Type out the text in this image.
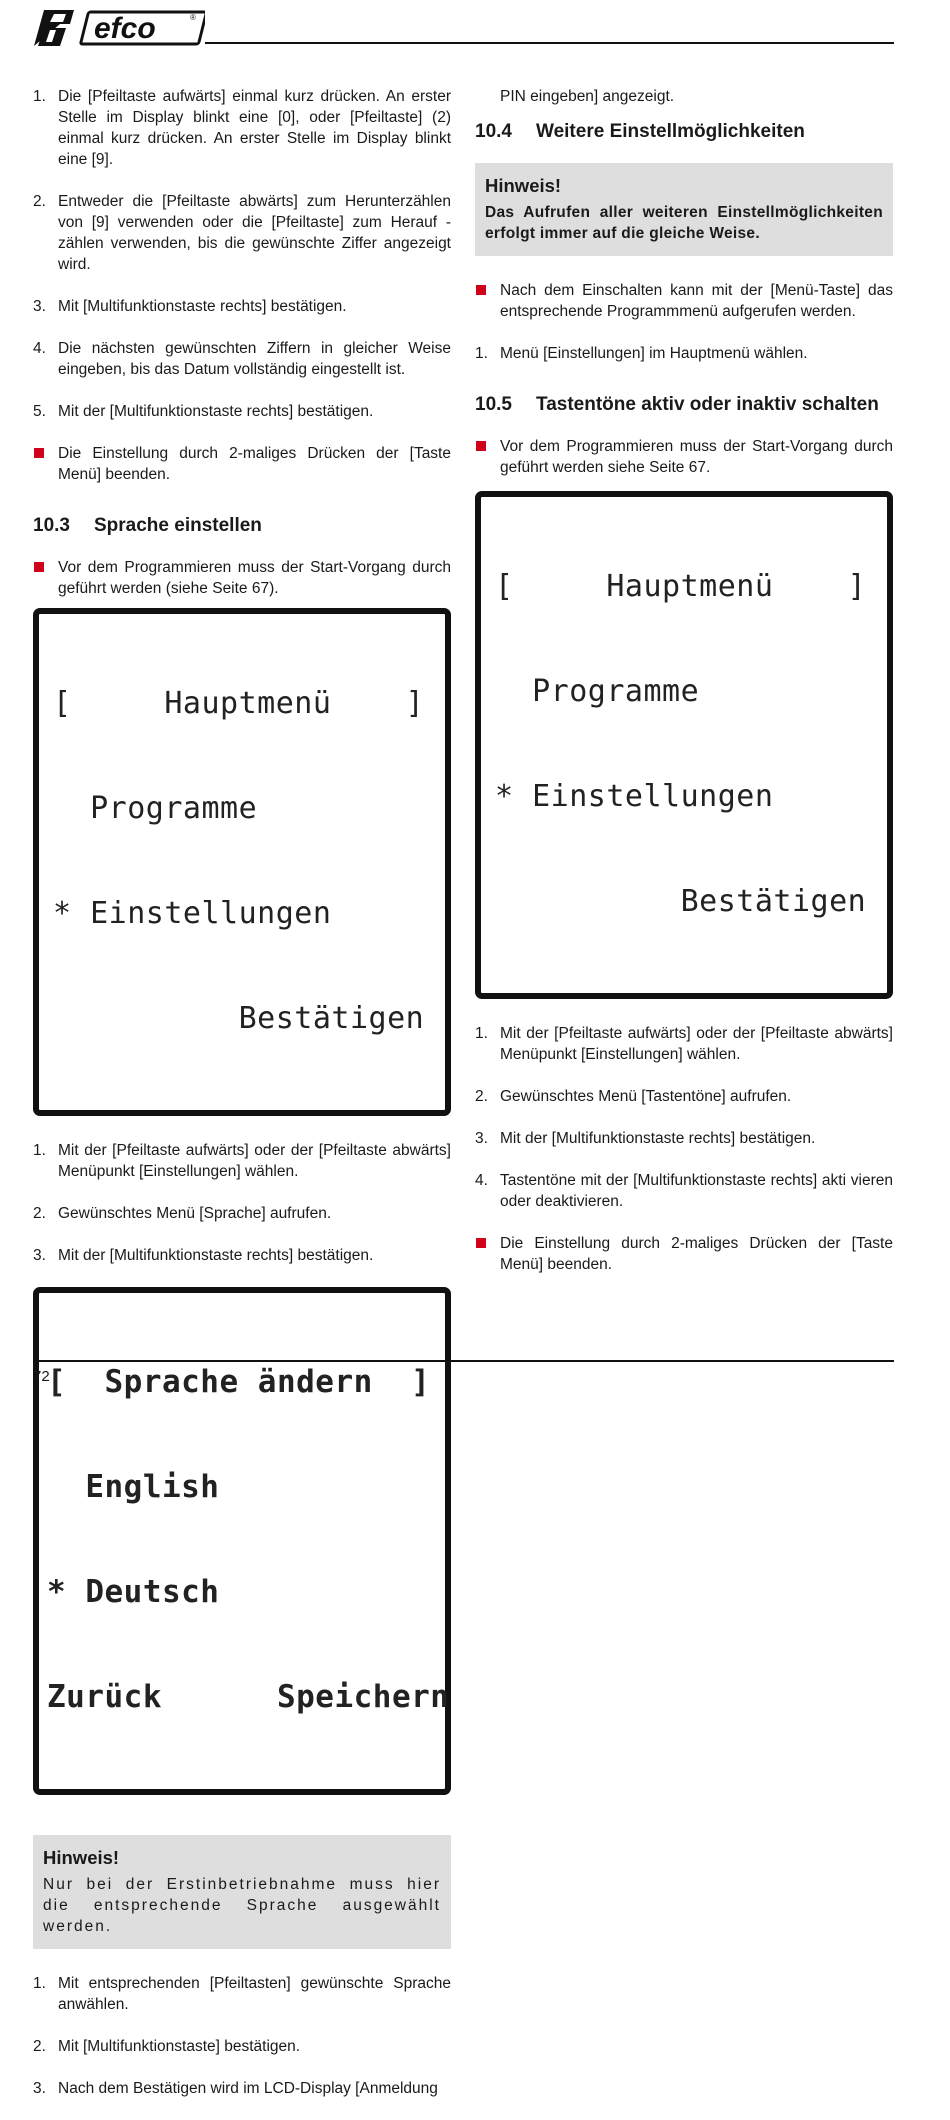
efco	®
1. Die [Pfeiltaste aufwärts] einmal kurz drücken. An erster Stelle im Display blinkt eine [0], oder [Pfeiltaste] (2) einmal kurz drücken. An erster Stelle im Display blinkt eine [9].
2. Entweder die [Pfeiltaste abwärts] zum Herunterzählen von [9] verwenden oder die [Pfeiltaste] zum Herauf - zählen verwenden, bis die gewünschte Ziffer angezeigt wird.
3. Mit [Multifunktionstaste rechts] bestätigen.
4. Die nächsten gewünschten Ziffern in gleicher Weise eingeben, bis das Datum vollständig eingestellt ist.
5. Mit der [Multifunktionstaste rechts] bestätigen.
Die Einstellung durch 2-maliges Drücken der [Taste Menü] beenden.
10.3 Sprache einstellen
Vor dem Programmieren muss der Start-Vorgang durch geführt werden (siehe Seite 67).

[     Hauptmenü    ]

Programme

* Einstellungen

Bestätigen

1. Mit der [Pfeiltaste aufwärts] oder der [Pfeiltaste abwärts] Menüpunkt [Einstellungen] wählen.
2. Gewünschtes Menü [Sprache] aufrufen.
3. Mit der [Multifunktionstaste rechts] bestätigen.

[  Sprache ändern  ]

English

* Deutsch

Zurück      Speichern

Hinweis!
Nur bei der Erstinbetriebnahme muss hier die entsprechende Sprache ausgewählt werden.
1. Mit entsprechenden [Pfeiltasten] gewünschte Sprache anwählen.
2. Mit [Multifunktionstaste] bestätigen.
3. Nach dem Bestätigen wird im LCD-Display [Anmeldung
PIN eingeben] angezeigt.
10.4 Weitere Einstellmöglichkeiten
Hinweis!
Das Aufrufen aller weiteren Einstellmöglichkeiten erfolgt immer auf die gleiche Weise.
Nach dem Einschalten kann mit der [Menü-Taste] das entsprechende Programmmenü aufgerufen werden.
1. Menü [Einstellungen] im Hauptmenü wählen.
10.5 Tastentöne aktiv oder inaktiv schalten
Vor dem Programmieren muss der Start-Vorgang durch geführt werden siehe Seite 67.

[     Hauptmenü    ]

Programme

* Einstellungen

Bestätigen

1. Mit der [Pfeiltaste aufwärts] oder der [Pfeiltaste abwärts] Menüpunkt [Einstellungen] wählen.
2. Gewünschtes Menü [Tastentöne] aufrufen.
3. Mit der [Multifunktionstaste rechts] bestätigen.
4. Tastentöne mit der [Multifunktionstaste rechts] akti vieren oder deaktivieren.
Die Einstellung durch 2-maliges Drücken der [Taste Menü] beenden.
72
